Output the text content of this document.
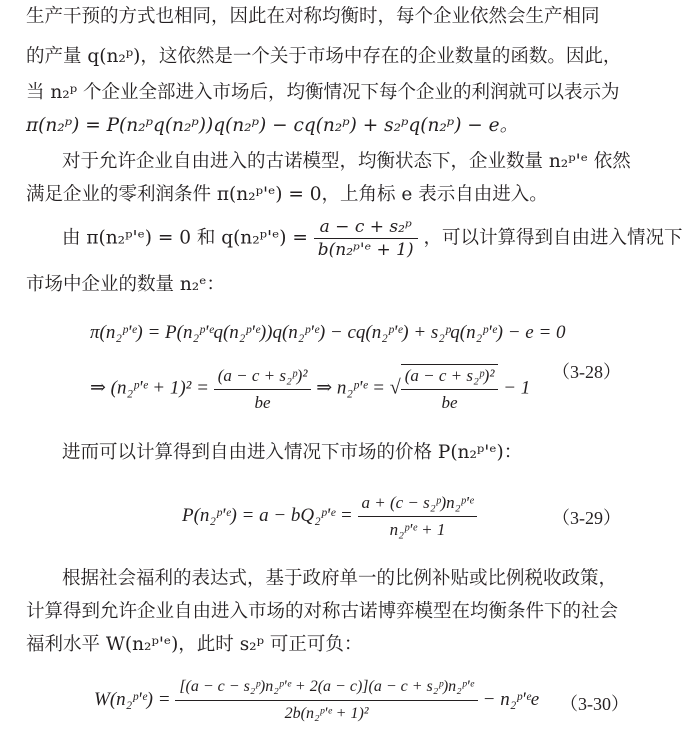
生产干预的方式也相同，因此在对称均衡时，每个企业依然会生产相同
的产量 q(n₂ᵖ)，这依然是一个关于市场中存在的企业数量的函数。因此，
当 n₂ᵖ 个企业全部进入市场后，均衡情况下每个企业的利润就可以表示为
π(n₂ᵖ) = P(n₂ᵖq(n₂ᵖ))q(n₂ᵖ) − cq(n₂ᵖ) + s₂ᵖq(n₂ᵖ) − e。
对于允许企业自由进入的古诺模型，均衡状态下，企业数量 n₂ᵖ'ᵉ 依然
满足企业的零利润条件 π(n₂ᵖ'ᵉ) = 0，上角标 e 表示自由进入。
由 π(n₂ᵖ'ᵉ) = 0 和 q(n₂ᵖ'ᵉ) = $\frac{\text{a − c + s₂ᵖ}}{\text{b(n₂ᵖ'ᵉ + 1)}}$ ，可以计算得到自由进入情况下
市场中企业的数量 n₂ᵉ：
π(n₂ᵖ'ᵉ) = P(n₂ᵖ'ᵉq(n₂ᵖ'ᵉ))q(n₂ᵖ'ᵉ) − cq(n₂ᵖ'ᵉ) + s₂ᵖq(n₂ᵖ'ᵉ) − e = 0
（3-28）
⇒ (n₂ᵖ'ᵉ + $1)^2 = \frac{\text{(a − c + s₂ᵖ)²}}{be}$ ⇒ n₂ᵖ'ᵉ = √ $\frac{\text{(a − c + s₂ᵖ)²}}{be} - 1$
进而可以计算得到自由进入情况下市场的价格 P(n₂ᵖ'ᵉ)：
P(n₂ᵖ'ᵉ) = a − bQ₂ᵖ'ᵉ = $\frac{\text{a + (c − s₂ᵖ)n₂ᵖ'ᵉ}}{\text{n₂ᵖ'ᵉ + 1}}$	（3-29）
根据社会福利的表达式，基于政府单一的比例补贴或比例税收政策，
计算得到允许企业自由进入市场的对称古诺博弈模型在均衡条件下的社会
福利水平 W(n₂ᵖ'ᵉ)，此时 s₂ᵖ 可正可负：
W(n₂ᵖ'ᵉ) = $\frac{\text{[(a − c − s₂ᵖ)n₂ᵖ'ᵉ + 2(a − c)](a − c + s₂ᵖ)n₂ᵖ'ᵉ}}{\text{2b(n₂ᵖ'ᵉ + 1)²}}$ − n₂ᵖ'ᵉe （3-30）
